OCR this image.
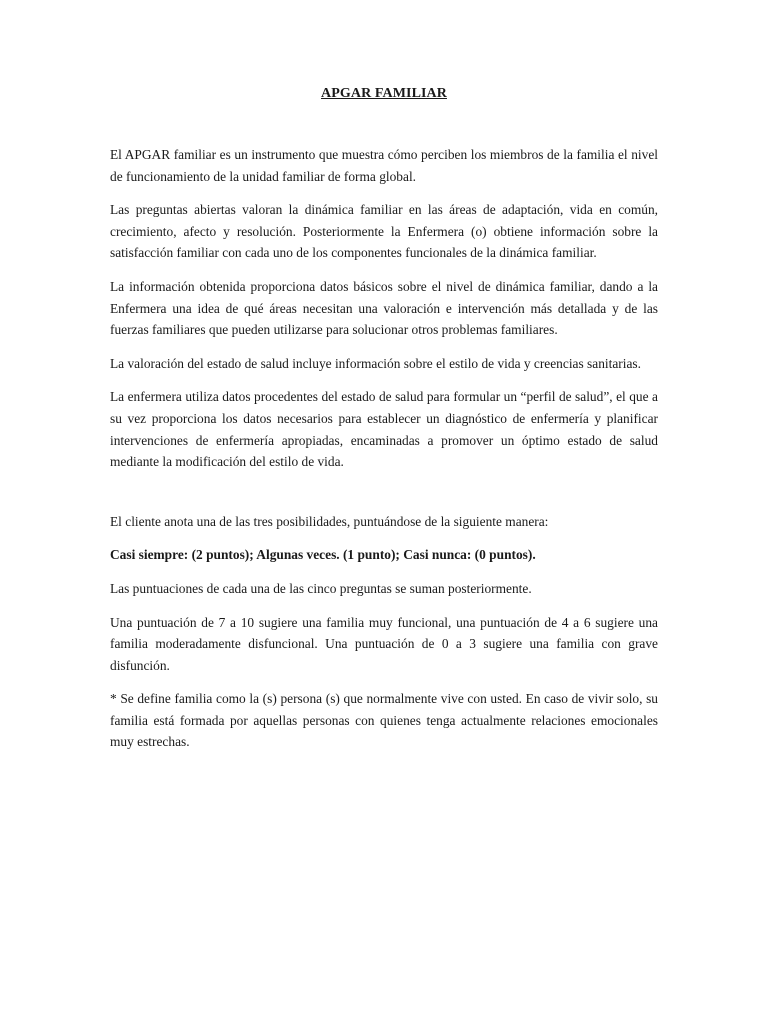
APGAR FAMILIAR

El APGAR familiar es un instrumento que muestra cómo perciben los miembros de la familia el nivel de funcionamiento de la unidad familiar de forma global.

Las preguntas abiertas valoran la dinámica familiar en las áreas de adaptación, vida en común, crecimiento, afecto y resolución. Posteriormente la Enfermera (o) obtiene información sobre la satisfacción familiar con cada uno de los componentes funcionales de la dinámica familiar.

La información obtenida proporciona datos básicos sobre el nivel de dinámica familiar, dando a la Enfermera una idea de qué áreas necesitan una valoración e intervención más detallada y de las fuerzas familiares que pueden utilizarse para solucionar otros problemas familiares.

La valoración del estado de salud incluye información sobre el estilo de vida y creencias sanitarias.

La enfermera utiliza datos procedentes del estado de salud para formular un “perfil de salud”, el que a su vez proporciona los datos necesarios para establecer un diagnóstico de enfermería y planificar intervenciones de enfermería apropiadas, encaminadas a promover un óptimo estado de salud mediante la modificación del estilo de vida.

El cliente anota una de las tres posibilidades, puntuándose de la siguiente manera:

Casi siempre: (2 puntos); Algunas veces. (1 punto); Casi nunca: (0 puntos).

Las puntuaciones de cada una de las cinco preguntas se suman posteriormente.

Una puntuación de 7 a 10 sugiere una familia muy funcional, una puntuación de 4 a 6 sugiere una familia moderadamente disfuncional. Una puntuación de 0 a 3 sugiere una familia con grave disfunción.

* Se define familia como la (s) persona (s) que normalmente vive con usted. En caso de vivir solo, su familia está formada por aquellas personas con quienes tenga actualmente relaciones emocionales muy estrechas.
